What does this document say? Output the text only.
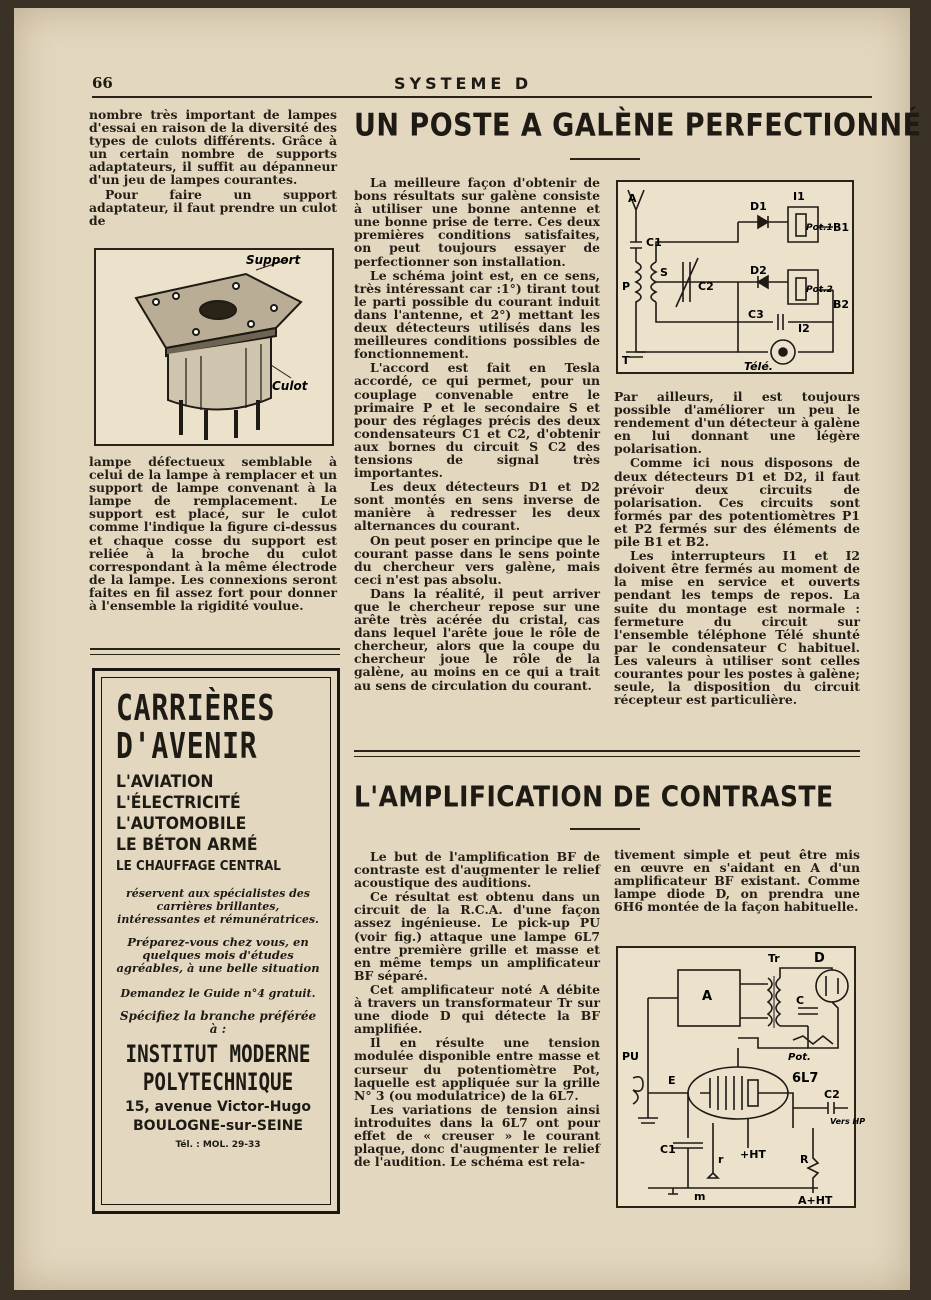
66	SYSTEME D

nombre très important de lampes d'essai en raison de la diversité des types de culots différents. Grâce à un certain nombre de supports adaptateurs, il suffit au dépanneur d'un jeu de lampes courantes.

Pour faire un support adaptateur, il faut prendre un culot de

Support
Culot

lampe défectueux semblable à celui de la lampe à remplacer et un support de lampe convenant à la lampe de remplacement. Le support est placé, sur le culot comme l'indique la figure ci-dessus et chaque cosse du support est reliée à la broche du culot correspondant à la même électrode de la lampe. Les connexions seront faites en fil assez fort pour donner à l'ensemble la rigidité voulue.

CARRIÈRES
D'AVENIR
L'AVIATION
L'ÉLECTRICITÉ
L'AUTOMOBILE
LE BÉTON ARMÉ
LE CHAUFFAGE CENTRAL
réservent aux spécialistes des carrières brillantes, intéressantes et rémunératrices.
Préparez-vous chez vous, en quelques mois d'études agréables, à une belle situation
Demandez le Guide n°4 gratuit.
Spécifiez la branche préférée à :
INSTITUT MODERNE
POLYTECHNIQUE
15, avenue Victor-Hugo
BOULOGNE-sur-SEINE
Tél. : MOL. 29-33
UN POSTE A GALÈNE PERFECTIONNÉ

La meilleure façon d'obtenir de bons résultats sur galène consiste à utiliser une bonne antenne et une bonne prise de terre. Ces deux premières conditions satisfaites, on peut toujours essayer de perfectionner son installation.

Le schéma joint est, en ce sens, très intéressant car :1°) tirant tout le parti possible du courant induit dans l'antenne, et 2°) mettant les deux détecteurs utilisés dans les meilleures conditions possibles de fonctionnement.

L'accord est fait en Tesla accordé, ce qui permet, pour un couplage convenable entre le primaire P et le secondaire S et pour des réglages précis des deux condensateurs C1 et C2, d'obtenir aux bornes du circuit S C2 des tensions de signal très importantes.

Les deux détecteurs D1 et D2 sont montés en sens inverse de manière à redresser les deux alternances du courant.

On peut poser en principe que le courant passe dans le sens pointe du chercheur vers galène, mais ceci n'est pas absolu.

Dans la réalité, il peut arriver que le chercheur repose sur une arête très acérée du cristal, cas dans lequel l'arête joue le rôle de chercheur, alors que la coupe du chercheur joue le rôle de la galène, au moins en ce qui a trait au sens de circulation du courant.

A
C1
P
S
C2
D1
D2
I1
I2
Pot.1
Pot.2
B1
B2
C3
T	Télé.

Par ailleurs, il est toujours possible d'améliorer un peu le rendement d'un détecteur à galène en lui donnant une légère polarisation.

Comme ici nous disposons de deux détecteurs D1 et D2, il faut prévoir deux circuits de polarisation. Ces circuits sont formés par des potentiomètres P1 et P2 fermés sur des éléments de pile B1 et B2.

Les interrupteurs I1 et I2 doivent être fermés au moment de la mise en service et ouverts pendant les temps de repos. La suite du montage est normale : fermeture du circuit sur l'ensemble téléphone Télé shunté par le condensateur C habituel. Les valeurs à utiliser sont celles courantes pour les postes à galène; seule, la disposition du circuit récepteur est particulière.

L'AMPLIFICATION DE CONTRASTE

Le but de l'amplification BF de contraste est d'augmenter le relief acoustique des auditions.

Ce résultat est obtenu dans un circuit de la R.C.A. d'une façon assez ingénieuse. Le pick-up PU (voir fig.) attaque une lampe 6L7 entre première grille et masse et en même temps un amplificateur BF séparé.

Cet amplificateur noté A débite à travers un transformateur Tr sur une diode D qui détecte la BF amplifiée.

Il en résulte une tension modulée disponible entre masse et curseur du potentiomètre Pot, laquelle est appliquée sur la grille N° 3 (ou modulatrice) de la 6L7.

Les variations de tension ainsi introduites dans la 6L7 ont pour effet de « creuser » le courant plaque, donc d'augmenter le relief de l'audition. Le schéma est rela-

tivement simple et peut être mis en œuvre en s'aidant en A d'un amplificateur BF existant. Comme lampe diode D, on prendra une 6H6 montée de la façon habituelle.

A
Tr	D
C
Pot.
PU
E	6L7
C2
Vers HP
C1
r	R
+HT
A+HT
m
